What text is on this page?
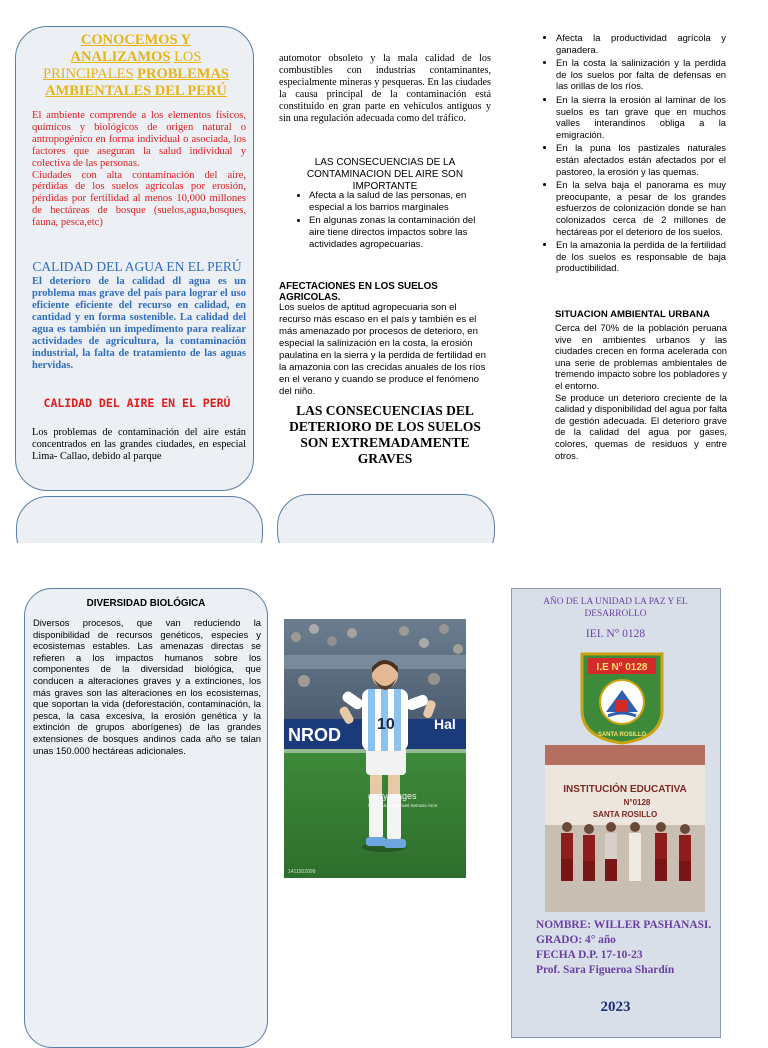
CONOCEMOS Y ANALIZAMOS LOS PRINCIPALES PROBLEMAS AMBIENTALES DEL PERÚ
El ambiente comprende a los elementos físicos, químicos y biológicos de origen natural o antropogénico en forma individual o asociada, los factores que aseguran la salud individual y colectiva de las personas.
Ciudades con alta contaminación del aire, pérdidas de los suelos agrícolas por erosión, pérdidas por fertilidad al menos 10,000 millones de hectáreas de bosque (suelos,agua,bosques, fauna, pesca,etc)
CALIDAD DEL AGUA EN EL PERÚ
El deterioro de la calidad dl agua es un problema mas grave del país para lograr el uso eficiente eficiente del recurso en calidad, en cantidad y en forma sostenible. La calidad del agua es también un impedimento para realizar actividades de agricultura, la contaminación industrial, la falta de tratamiento de las aguas hervidas.
CALIDAD DEL AIRE EN EL PERÚ
Los problemas de contaminación del aire están concentrados en las grandes ciudades, en especial Lima- Callao, debido al parque
automotor obsoleto y la mala calidad de los combustibles con industrias contaminantes, especialmente mineras y pesqueras. En las ciudades la causa principal de la contaminación está constituido en gran parte en vehículos antiguos y sin una regulación adecuada como del tráfico.
LAS CONSECUENCIAS DE LA CONTAMINACION DEL AIRE SON IMPORTANTE
• Afecta a la salud de las personas, en especial a los barrios marginales
• En algunas zonas la contaminación del aire tiene directos impactos sobre las actividades agropecuarias.
AFECTACIONES EN LOS SUELOS AGRICOLAS.
Los suelos de aptitud agropecuaria son el recurso más escaso en el país y también es el más amenazado por procesos de deterioro, en especial la salinización en la costa, la erosión paulatina en la sierra y la perdida de fertilidad en la amazonia con las crecidas anuales de los ríos en el verano y cuando se produce el fenómeno del niño.
LAS CONSECUENCIAS DEL DETERIORO DE LOS SUELOS SON EXTREMADAMENTE GRAVES
• Afecta la productividad agrícola y ganadera.
• En la costa la salinización y la perdida de los suelos por falta de defensas en las orillas de los ríos.
• En la sierra la erosión al laminar de los suelos es tan grave que en muchos valles interandinos obliga a la emigración.
• En la puna los pastizales naturales están afectados están afectados por el pastoreo, la erosión y las quemas.
• En la selva baja el panorama es muy preocupante, a pesar de los grandes esfuerzos de colonización donde se han colonizados cerca de 2 millones de hectáreas por el deterioro de los suelos.
• En la amazonia la perdida de la fertilidad de los suelos es responsable de baja productibilidad.
SITUACION AMBIENTAL URBANA
Cerca del 70% de la población peruana vive en ambientes urbanos y las ciudades crecen en forma acelerada con una serie de problemas ambientales de tremendo impacto sobre los pobladores y el entorno.
Se produce un deterioro creciente de la calidad y disponibilidad del agua por falta de gestión adecuada. El deterioro grave de la calidad del agua por gases, colores, quemas de residuos y entre otros.
DIVERSIDAD BIOLÓGICA
Diversos procesos, que van reduciendo la disponibilidad de recursos genéticos, especies y ecosistemas estables. Las amenazas directas se refieren a los impactos humanos sobre los componentes de la diversidad biológica, que conducen a alteraciones graves y a extinciones, los más graves son las alteraciones en los ecosistemas, que soportan la vida (deforestación, contaminación, la pesca, la casa excesiva, la erosión genética y la extinción de grupos aborígenes) de las grandes extensiones de bosques andinos cada año se talan unas 150.000 hectáreas adicionales.
NROD
Hal
10
gettyimages
Credit: Juan Manuel Serrano Arce
1411502099
AÑO DE LA UNIDAD LA PAZ Y EL DESARROLLO
IEI. N° 0128
I.E Nº 0128
SANTA ROSILLO
INSTITUCIÓN EDUCATIVA
N°0128
SANTA ROSILLO
NOMBRE: WILLER PASHANASI.
GRADO: 4° año
FECHA D.P. 17-10-23
Prof. Sara Figueroa Shardín
2023
